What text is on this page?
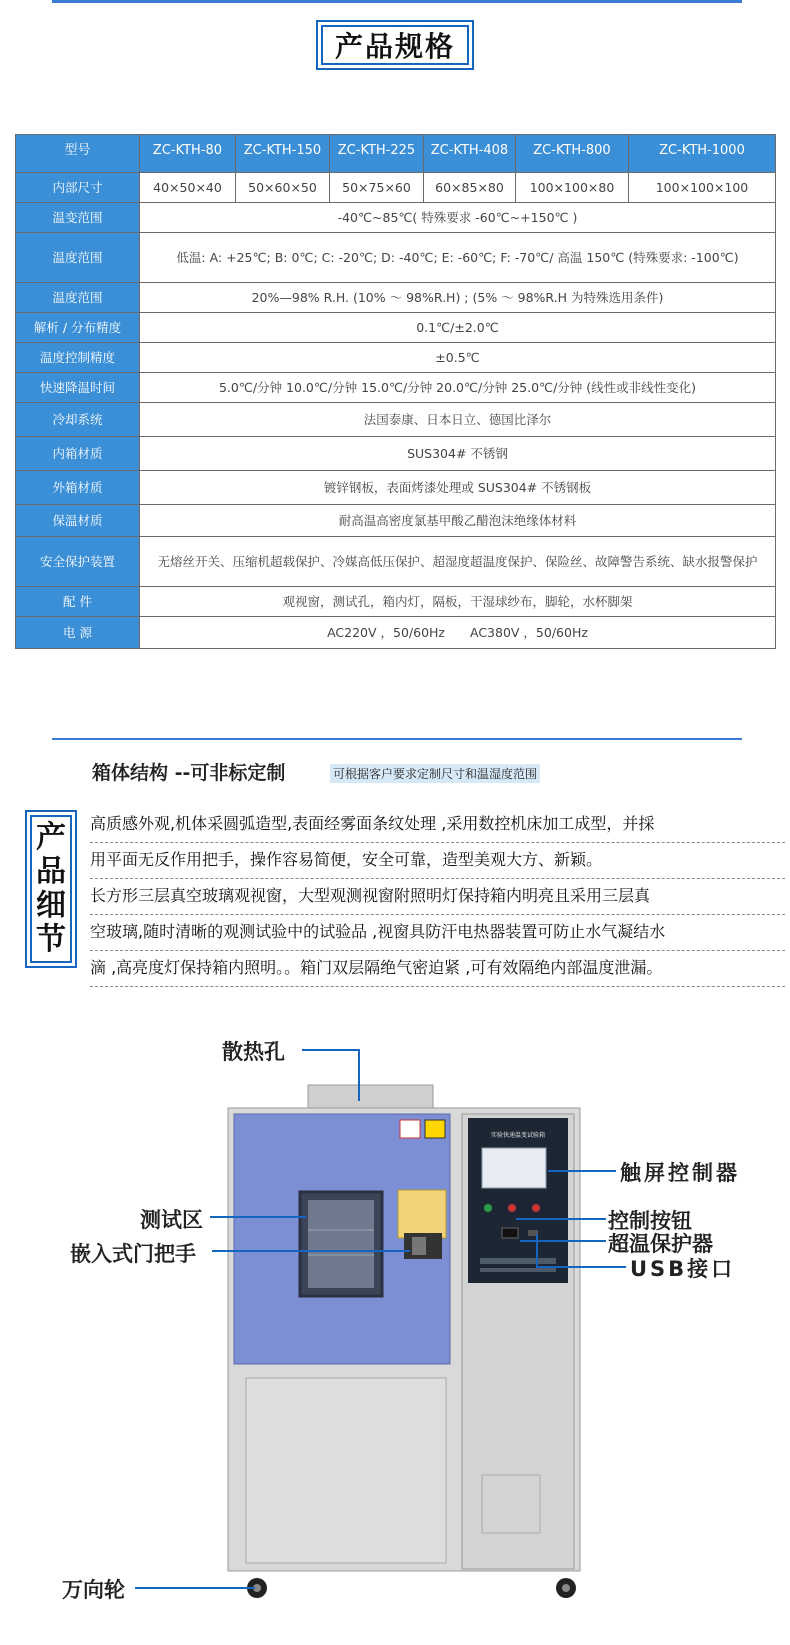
产品规格
型号	ZC-KTH-80	ZC-KTH-150	ZC-KTH-225	ZC-KTH-408	ZC-KTH-800	ZC-KTH-1000
内部尺寸	40×50×40	50×60×50	50×75×60	60×85×80	100×100×80	100×100×100
温变范围	-40℃~85℃( 特殊要求 -60℃~+150℃ )					
温度范围	低温: A: +25℃; B: 0℃; C: -20℃; D: -40℃; E: -60℃; F: -70℃/ 高温 150℃ (特殊要求: -100℃)					
温度范围	20%—98% R.H. (10% ～ 98%R.H) ; (5% ～ 98%R.H 为特殊选用条件)					
解析 / 分布精度	0.1℃/±2.0℃					
温度控制精度	±0.5℃					
快速降温时间	5.0℃/分钟 10.0℃/分钟 15.0℃/分钟 20.0℃/分钟 25.0℃/分钟 (线性或非线性变化)					
冷却系统	法国泰康、日本日立、德国比泽尔					
内箱材质	SUS304# 不锈钢					
外箱材质	镀锌钢板，表面烤漆处理或 SUS304# 不锈钢板					
保温材质	耐高温高密度氯基甲酸乙醋泡沫绝缘体材料					
安全保护装置	无熔丝开关、压缩机超载保护、冷媒高低压保护、超湿度超温度保护、保险丝、故障警告系统、缺水报警保护					
配 件	观视窗，测试孔，箱内灯，隔板，干湿球纱布，脚轮，水杯脚架					
电 源	AC220V ，50/60Hz　　AC380V ，50/60Hz					
箱体结构 --可非标定制	可根据客户要求定制尺寸和温湿度范围
产
品
细
节
高质感外观,机体采圆弧造型,表面经雾面条纹处理 ,采用数控机床加工成型，并採
用平面无反作用把手，操作容易简便，安全可靠，造型美观大方、新颖。
长方形三层真空玻璃观视窗，大型观测视窗附照明灯保持箱内明亮且采用三层真
空玻璃,随时清晰的观测试验中的试验品 ,视窗具防汗电热器装置可防止水气凝结水
滴 ,高亮度灯保持箱内照明。。箱门双层隔绝气密迫紧 ,可有效隔绝内部温度泄漏。
实验快速温变试验箱
散热孔
测试区
嵌入式门把手
触屏控制器
控制按钮
超温保护器
USB接口
万向轮
